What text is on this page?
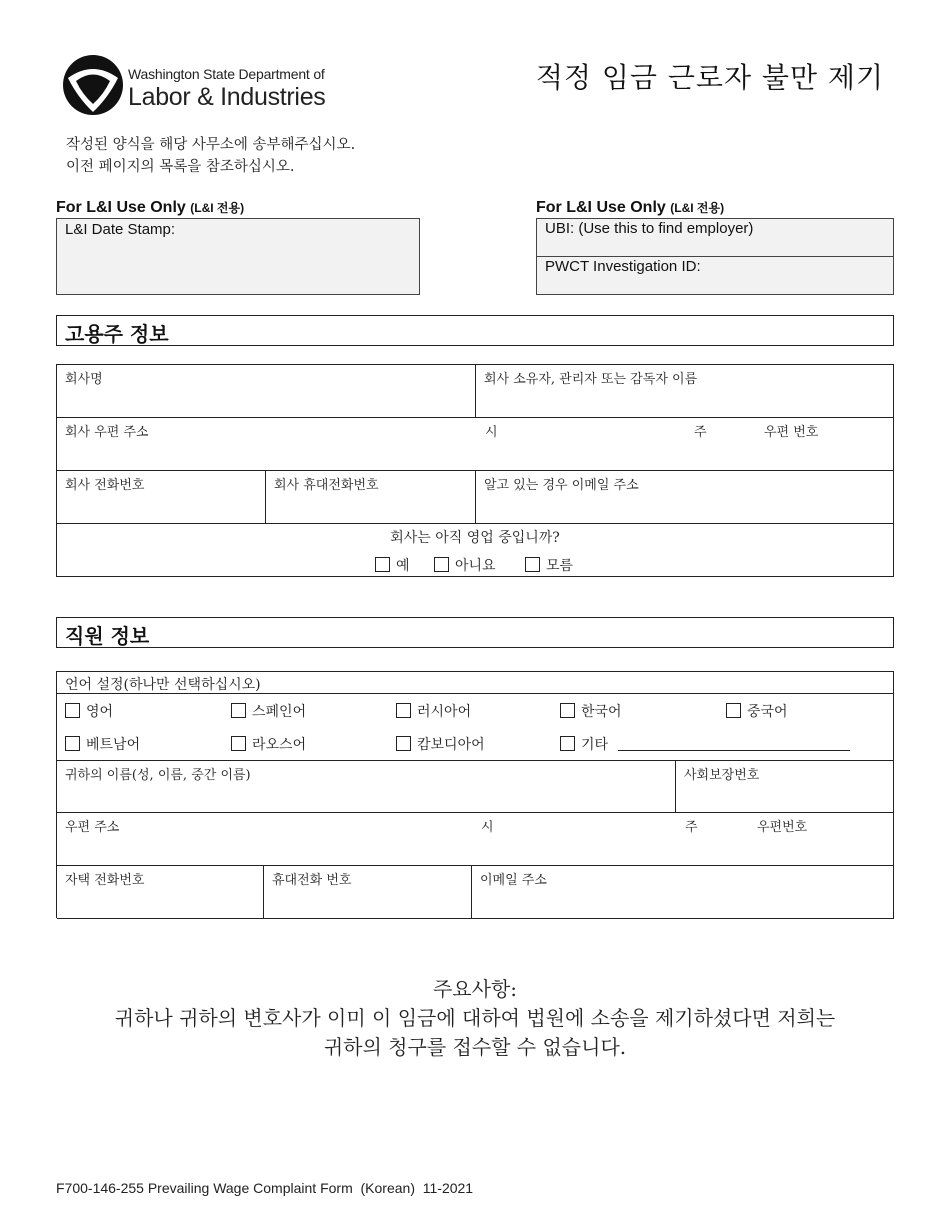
Washington State Department of
Labor & Industries
적정 임금 근로자 불만 제기
작성된 양식을 해당 사무소에 송부해주십시오.
이전 페이지의 목록을 참조하십시오.
For L&I Use Only (L&I 전용)
L&I Date Stamp:
For L&I Use Only (L&I 전용)
UBI: (Use this to find employer)
PWCT Investigation ID:
고용주 정보
회사명	회사 소유자, 관리자 또는 감독자 이름
회사 우편 주소	시	주	우편 번호
회사 전화번호	회사 휴대전화번호	알고 있는 경우 이메일 주소
회사는 아직 영업 중입니까?
예	아니요	모름
직원 정보
언어 설정(하나만 선택하십시오)
영어	스페인어	러시아어	한국어	중국어
베트남어	라오스어	캄보디아어	기타
귀하의 이름(성, 이름, 중간 이름)	사회보장번호
우편 주소	시	주	우편번호
자택 전화번호	휴대전화 번호	이메일 주소
주요사항:
귀하나 귀하의 변호사가 이미 이 임금에 대하여 법원에 소송을 제기하셨다면 저희는
귀하의 청구를 접수할 수 없습니다.
F700-146-255 Prevailing Wage Complaint Form  (Korean)  11-2021
